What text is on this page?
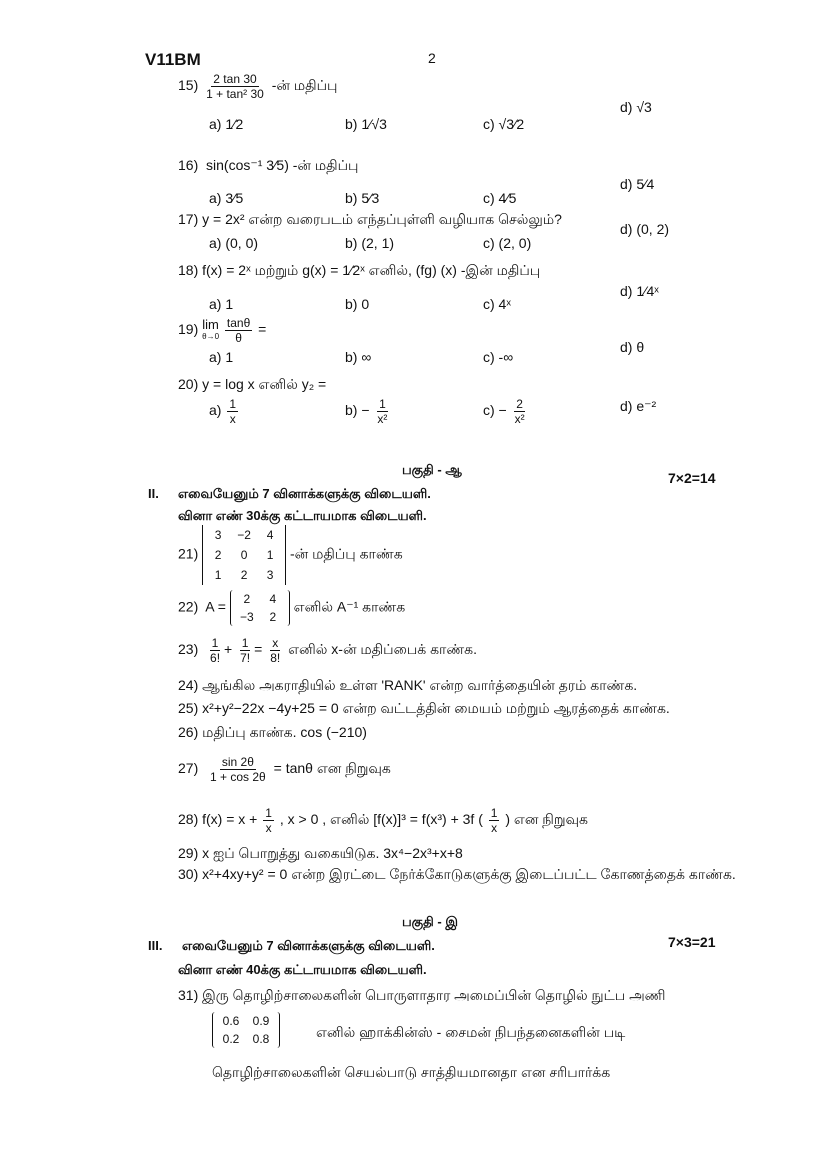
V11BM	2
$15) \frac{2 \tan 30}{\text{1 + tan² 30}}$ -ன் மதிப்பு
a) 1⁄2	b) 1⁄√3	c) √3⁄2
d) √3
16) sin(cos⁻¹ 3⁄5) -ன் மதிப்பு
a) 3⁄5	b) 5⁄3	c) 4⁄5
d) 5⁄4
17) y = 2x² என்ற வரைபடம் எந்தப்புள்ளி வழியாக செல்லும்?
a) (0, 0)	b) (2, 1)	c) (2, 0)
d) (0, 2)
18) f(x) = 2ˣ மற்றும் g(x) = 1⁄2ˣ எனில், (fg) (x) -இன் மதிப்பு
a) 1	b) 0	c) 4ˣ
d) 1⁄4ˣ
19) lim
θ→0
$\frac{\tan\theta}{\theta}$ =
a) 1	b) ∞	c) -∞
d) θ
20) y = log x எனில் y₂ =
$a) \frac{1}{x}$	$b) - \frac{1}{\text{x²}}$	$c) - \frac{2}{\text{x²}}$	d) e⁻²
பகுதி - ஆ
II. எவையேனும் 7 வினாக்களுக்கு விடையளி.
7×2=14
வினா எண் 30க்கு கட்டாயமாக விடையளி.
21)
3	−2	4
2	0	1
1	2	3
-ன் மதிப்பு காண்க
22) A =	2	4
−3	2
எனில் A⁻¹ காண்க
$23) \frac{1}{6!} + \frac{1}{7!} = \frac{x}{8!}$ எனில் x-ன் மதிப்பைக் காண்க.
24) ஆங்கில அகராதியில் உள்ள 'RANK' என்ற வார்த்தையின் தரம் காண்க.
25) x²+y²−22x −4y+25 = 0 என்ற வட்டத்தின் மையம் மற்றும் ஆரத்தைக் காண்க.
26) மதிப்பு காண்க. cos (−210)
$27) \frac{\sin 2\theta}{1 + \cos 2\theta} = \tan\theta$ என நிறுவுக
28) $f(x) = x + \frac{1}{x}$ , x > 0 , எனில் [f(x)]³ = f(x³) + 3f ( $\frac{1}{x}$ ) என நிறுவுக
29) x ஐப் பொறுத்து வகையிடுக. 3x⁴−2x³+x+8
30) x²+4xy+y² = 0 என்ற இரட்டை நேர்க்கோடுகளுக்கு இடைப்பட்ட கோணத்தைக் காண்க.
பகுதி - இ
III. எவையேனும் 7 வினாக்களுக்கு விடையளி.	7×3=21
வினா எண் 40க்கு கட்டாயமாக விடையளி.
31) இரு தொழிற்சாலைகளின் பொருளாதார அமைப்பின் தொழில் நுட்ப அணி
0.6	0.9
0.2	0.8	எனில் ஹாக்கின்ஸ் - சைமன் நிபந்தனைகளின் படி
தொழிற்சாலைகளின் செயல்பாடு சாத்தியமானதா என சரிபார்க்க
